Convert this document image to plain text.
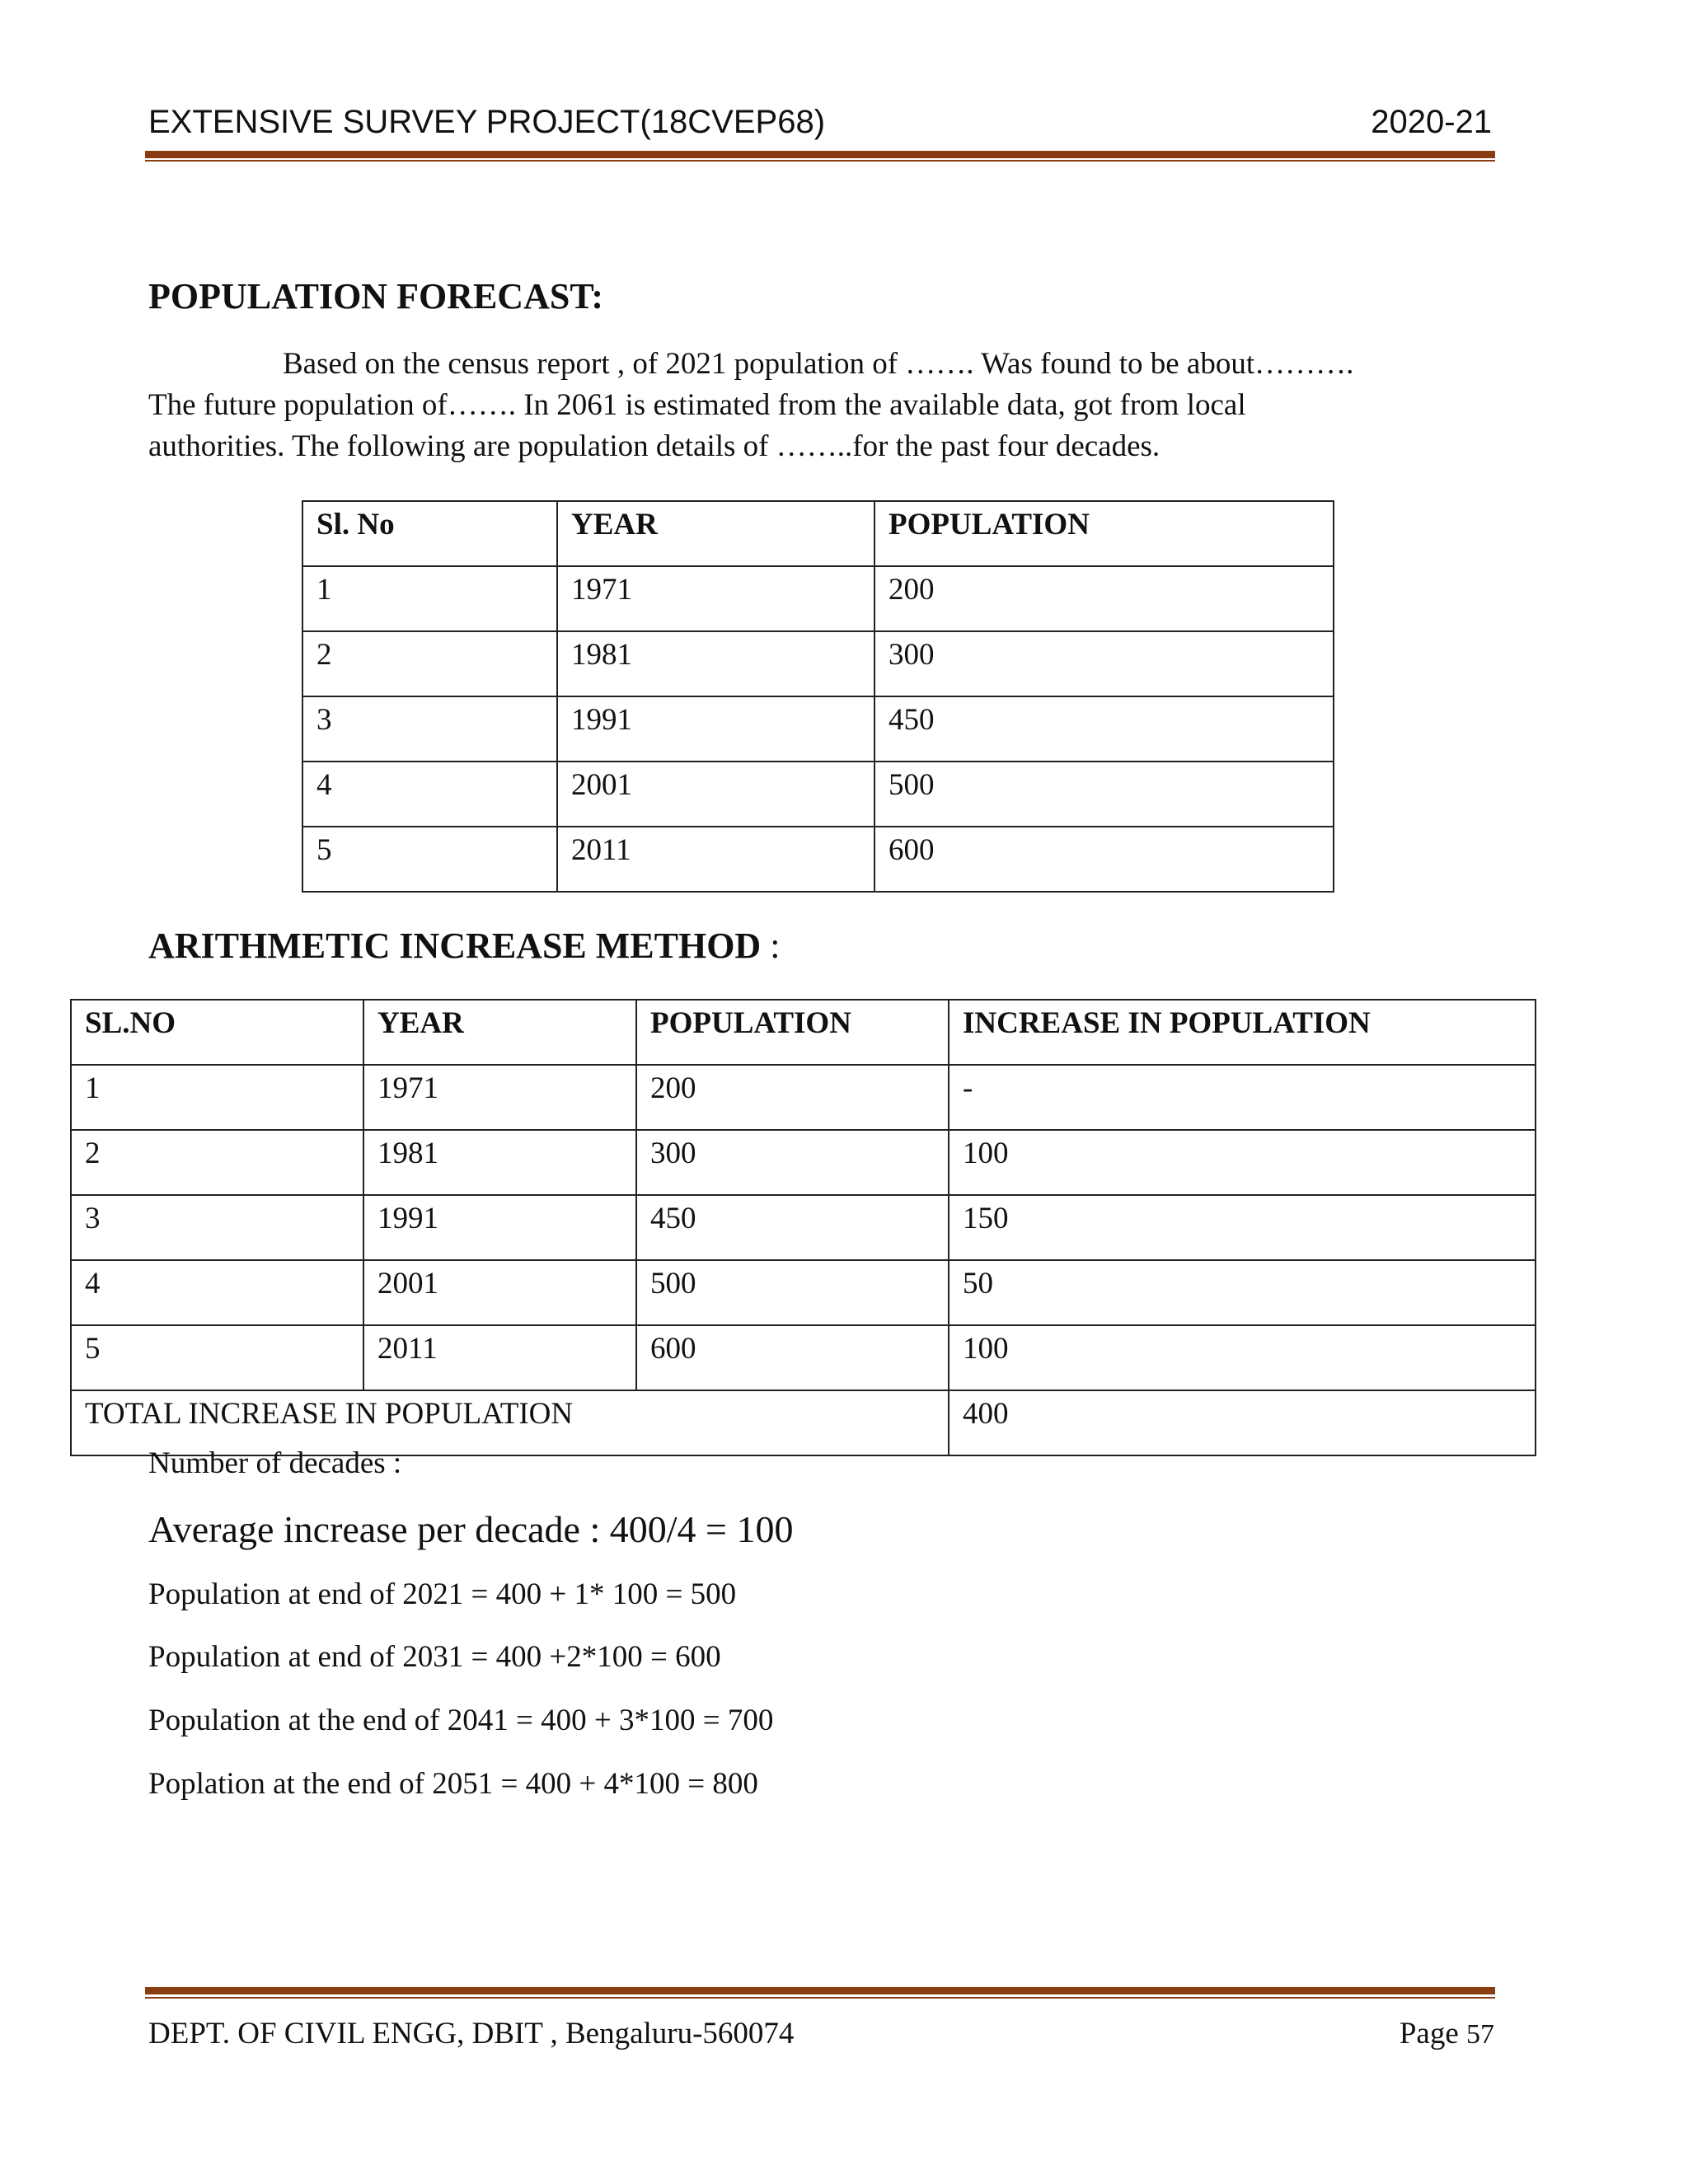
EXTENSIVE SURVEY PROJECT(18CVEP68)	2020-21
POPULATION FORECAST:
Based on the census report , of 2021 population of ……. Was found to be about……….
The future population of……. In 2061 is estimated from the available data, got from local
authorities. The following are population details of ……..for the past four decades.
Sl. No	YEAR	POPULATION
1	1971	200
2	1981	300
3	1991	450
4	2001	500
5	2011	600
ARITHMETIC INCREASE METHOD :
SL.NO	YEAR	POPULATION	INCREASE IN POPULATION
1	1971	200	-
2	1981	300	100
3	1991	450	150
4	2001	500	50
5	2011	600	100
TOTAL INCREASE IN POPULATION			400
Number of decades :
Average increase per decade : 400/4 = 100
Population at end of 2021 = 400 + 1* 100 = 500
Population at end of 2031 = 400 +2*100 = 600
Population at the end of 2041 = 400 + 3*100 = 700
Poplation at the end of 2051 = 400 + 4*100 = 800
DEPT. OF CIVIL ENGG, DBIT , Bengaluru-560074	Page 57
